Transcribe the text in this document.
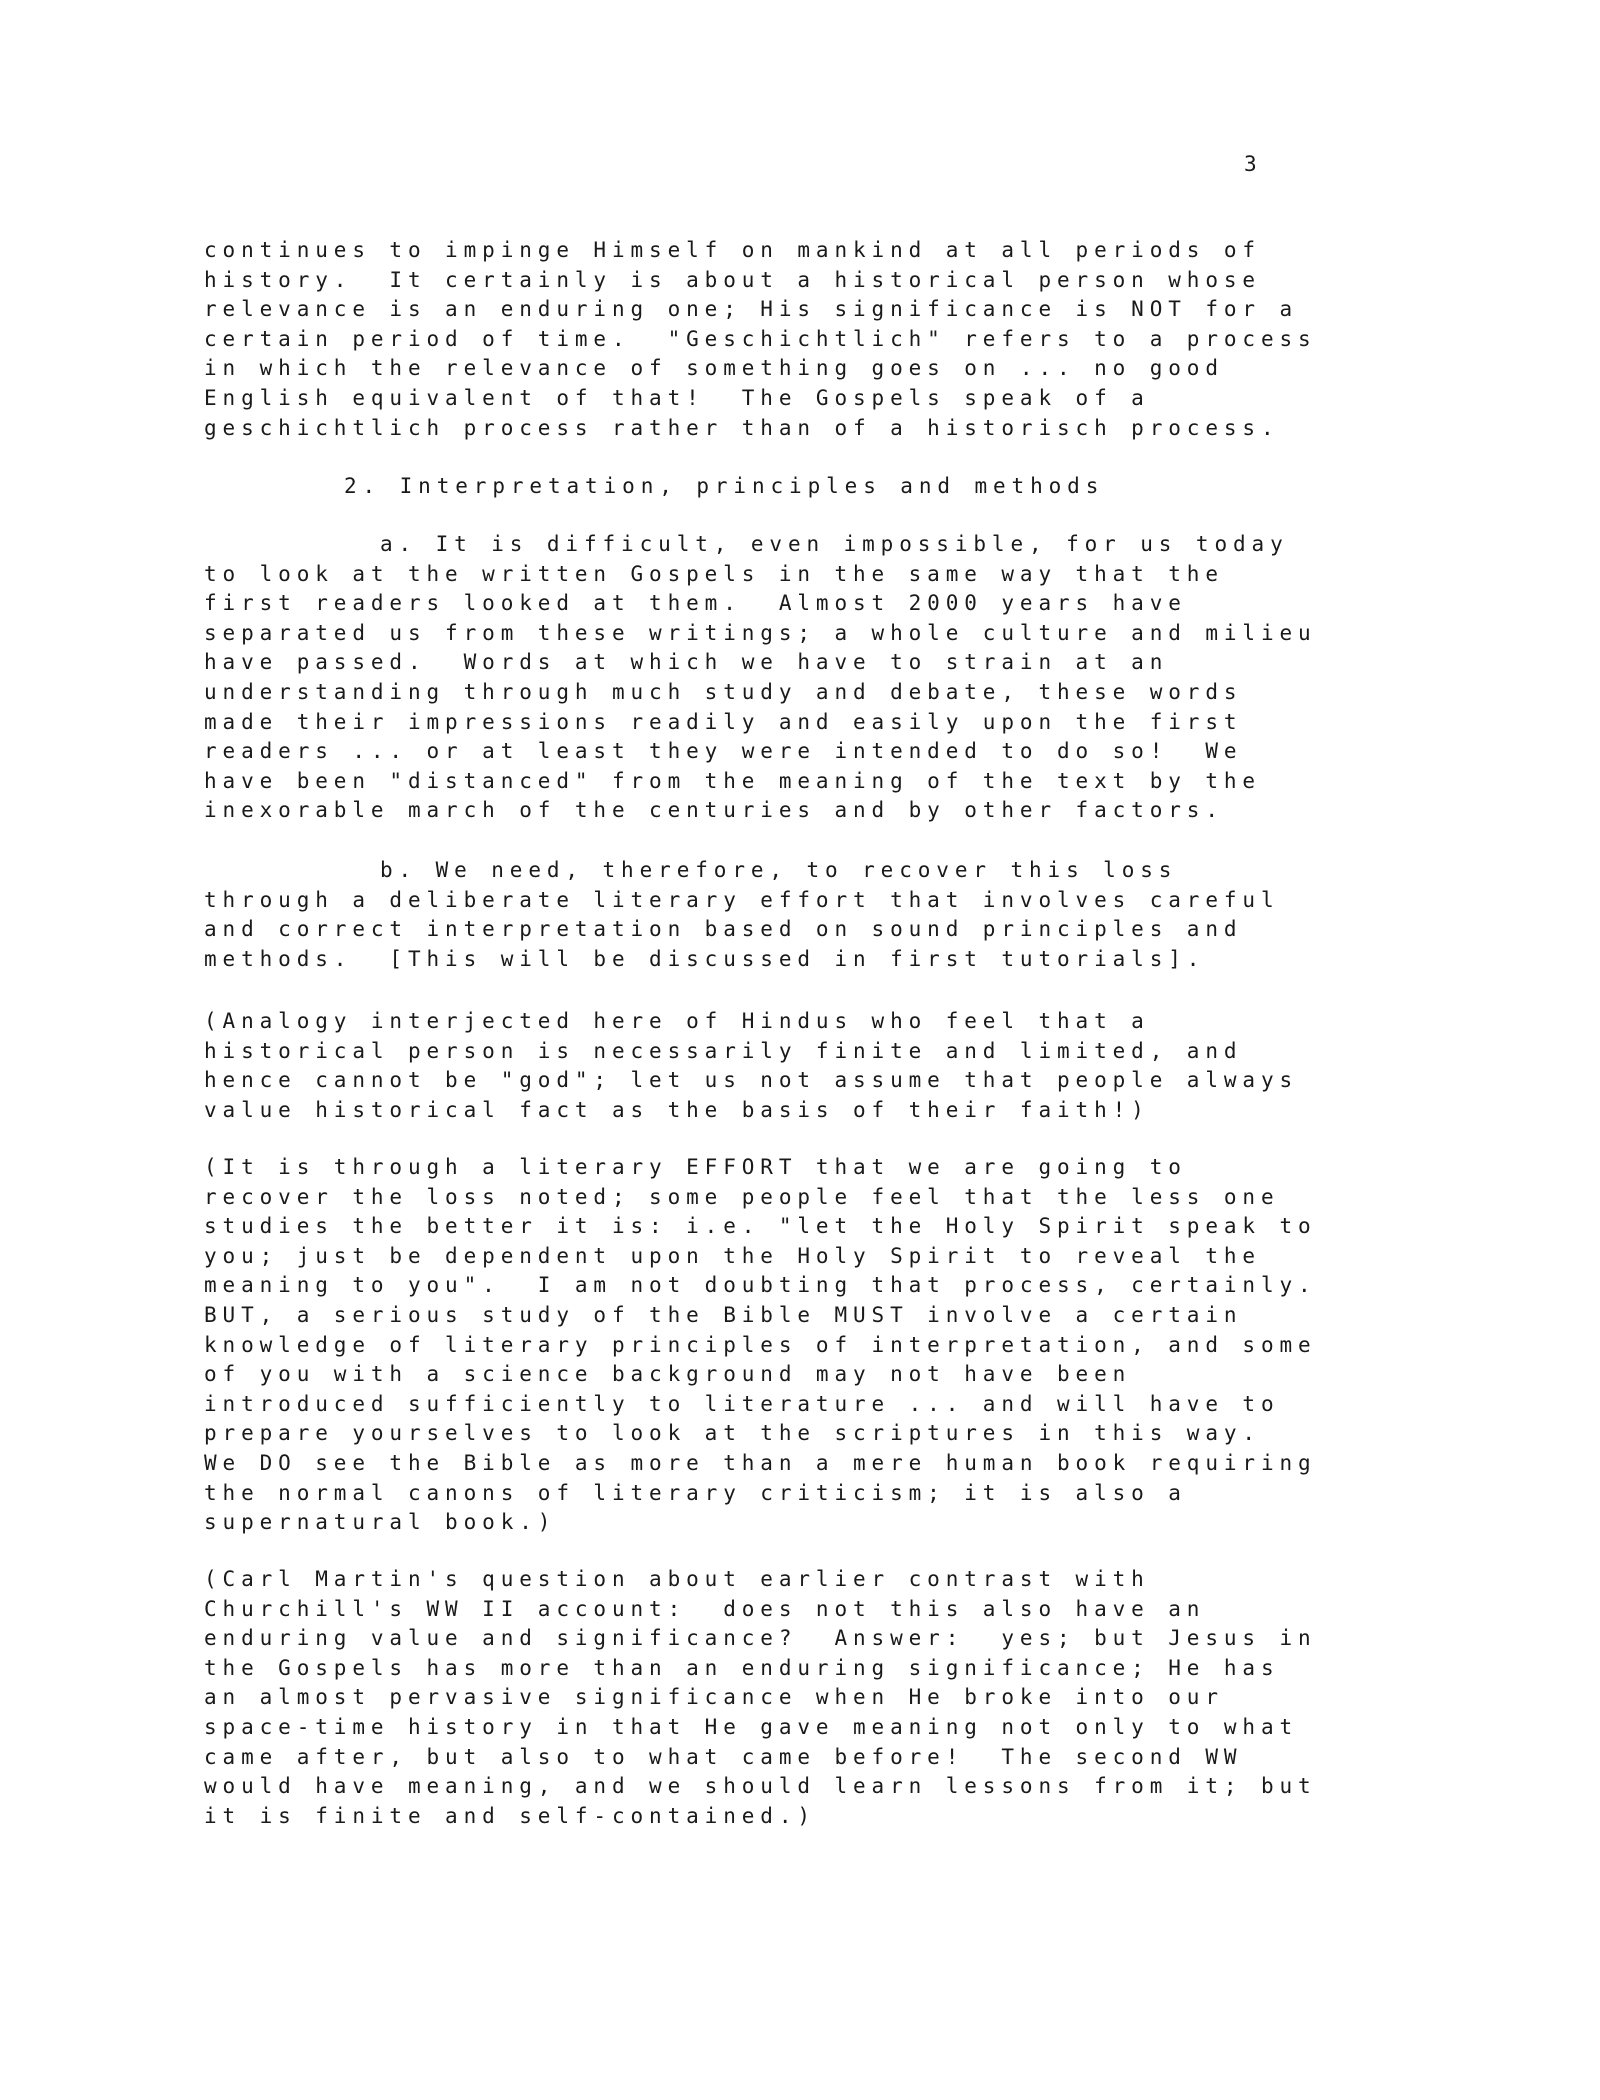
3
continues to impinge Himself on mankind at all periods of
history.  It certainly is about a historical person whose
relevance is an enduring one; His significance is NOT for a
certain period of time.  "Geschichtlich" refers to a process
in which the relevance of something goes on ... no good
English equivalent of that!  The Gospels speak of a
geschichtlich process rather than of a historisch process.
2. Interpretation, principles and methods
a. It is difficult, even impossible, for us today
to look at the written Gospels in the same way that the
first readers looked at them.  Almost 2000 years have
separated us from these writings; a whole culture and milieu
have passed.  Words at which we have to strain at an
understanding through much study and debate, these words
made their impressions readily and easily upon the first
readers ... or at least they were intended to do so!  We
have been "distanced" from the meaning of the text by the
inexorable march of the centuries and by other factors.
b. We need, therefore, to recover this loss
through a deliberate literary effort that involves careful
and correct interpretation based on sound principles and
methods.  [This will be discussed in first tutorials].
(Analogy interjected here of Hindus who feel that a
historical person is necessarily finite and limited, and
hence cannot be "god"; let us not assume that people always
value historical fact as the basis of their faith!)
(It is through a literary EFFORT that we are going to
recover the loss noted; some people feel that the less one
studies the better it is: i.e. "let the Holy Spirit speak to
you; just be dependent upon the Holy Spirit to reveal the
meaning to you".  I am not doubting that process, certainly.
BUT, a serious study of the Bible MUST involve a certain
knowledge of literary principles of interpretation, and some
of you with a science background may not have been
introduced sufficiently to literature ... and will have to
prepare yourselves to look at the scriptures in this way.
We DO see the Bible as more than a mere human book requiring
the normal canons of literary criticism; it is also a
supernatural book.)
(Carl Martin's question about earlier contrast with
Churchill's WW II account:  does not this also have an
enduring value and significance?  Answer:  yes; but Jesus in
the Gospels has more than an enduring significance; He has
an almost pervasive significance when He broke into our
space-time history in that He gave meaning not only to what
came after, but also to what came before!  The second WW
would have meaning, and we should learn lessons from it; but
it is finite and self-contained.)
